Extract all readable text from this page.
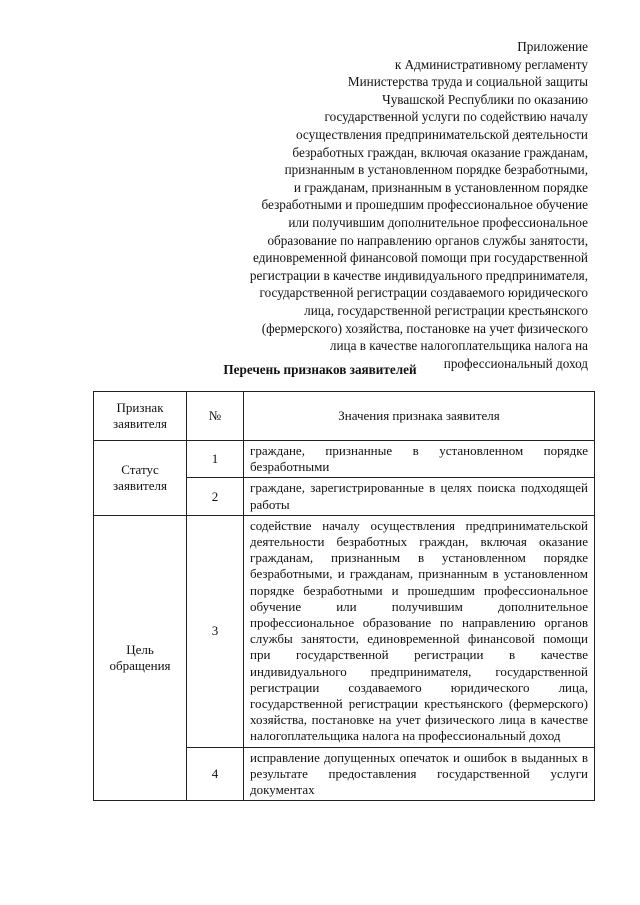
Приложение
к Административному регламенту
Министерства труда и социальной защиты
Чувашской Республики по оказанию
государственной услуги по содействию началу
осуществления предпринимательской деятельности
безработных граждан, включая оказание гражданам,
признанным в установленном порядке безработными,
и гражданам, признанным в установленном порядке
безработными и прошедшим профессиональное обучение
или получившим дополнительное профессиональное
образование по направлению органов службы занятости,
единовременной финансовой помощи при государственной
регистрации в качестве индивидуального предпринимателя,
государственной регистрации создаваемого юридического
лица, государственной регистрации крестьянского
(фермерского) хозяйства, постановке на учет физического
лица в качестве налогоплательщика налога на
профессиональный доход
Перечень признаков заявителей
Признак заявителя	№	Значения признака заявителя
Статус заявителя	1	граждане, признанные в установленном порядке безработными
	2	граждане, зарегистрированные в целях поиска подходящей работы
Цель обращения	3	содействие началу осуществления предпринимательской деятельности безработных граждан, включая оказание гражданам, признанным в установленном порядке безработными, и гражданам, признанным в установленном порядке безработными и прошедшим профессиональное обучение или получившим дополнительное профессиональное образование по направлению органов службы занятости, единовременной финансовой помощи при государственной регистрации в качестве индивидуального предпринимателя, государственной регистрации создаваемого юридического лица, государственной регистрации крестьянского (фермерского) хозяйства, постановке на учет физического лица в качестве налогоплательщика налога на профессиональный доход
	4	исправление допущенных опечаток и ошибок в выданных в результате предоставления государственной услуги документах
